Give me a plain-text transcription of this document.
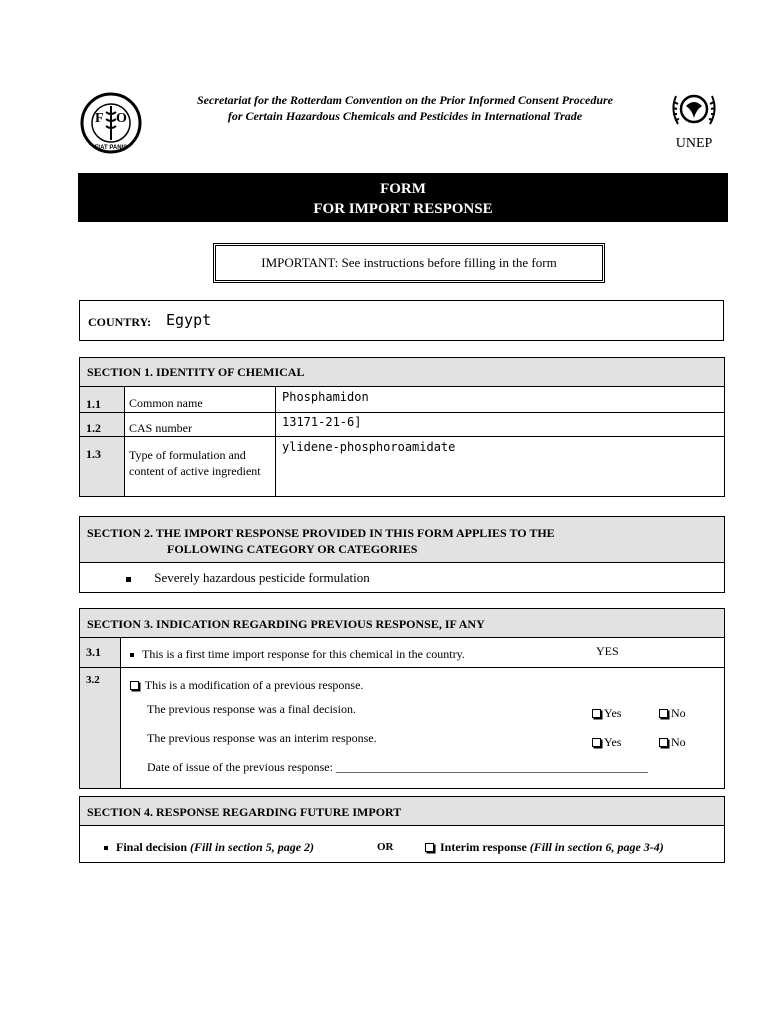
F O
FIAT PANIS
Secretariat for the Rotterdam Convention on the Prior Informed Consent Procedure
for Certain Hazardous Chemicals and Pesticides in International Trade
UNEP
FORM
FOR IMPORT RESPONSE
IMPORTANT: See instructions before filling in the form
COUNTRY: Egypt
SECTION 1. IDENTITY OF CHEMICAL		
1.1	Common name	Phosphamidon
1.2	CAS number	13171-21-6]
1.3	Type of formulation and content of active ingredient	ylidene-phosphoroamidate
SECTION 2. THE IMPORT RESPONSE PROVIDED IN THIS FORM APPLIES TO THE
FOLLOWING CATEGORY OR CATEGORIES
Severely hazardous pesticide formulation
SECTION 3. INDICATION REGARDING PREVIOUS RESPONSE, IF ANY
3.1	This is a first time import response for this chemical in the country.	YES
3.2	This is a modification of a previous response.
The previous response was a final decision.	Yes	No
The previous response was an interim response.	Yes	No
Date of issue of the previous response: ____________________________________________________
SECTION 4. RESPONSE REGARDING FUTURE IMPORT
Final decision (Fill in section 5, page 2)	OR	Interim response (Fill in section 6, page 3-4)
